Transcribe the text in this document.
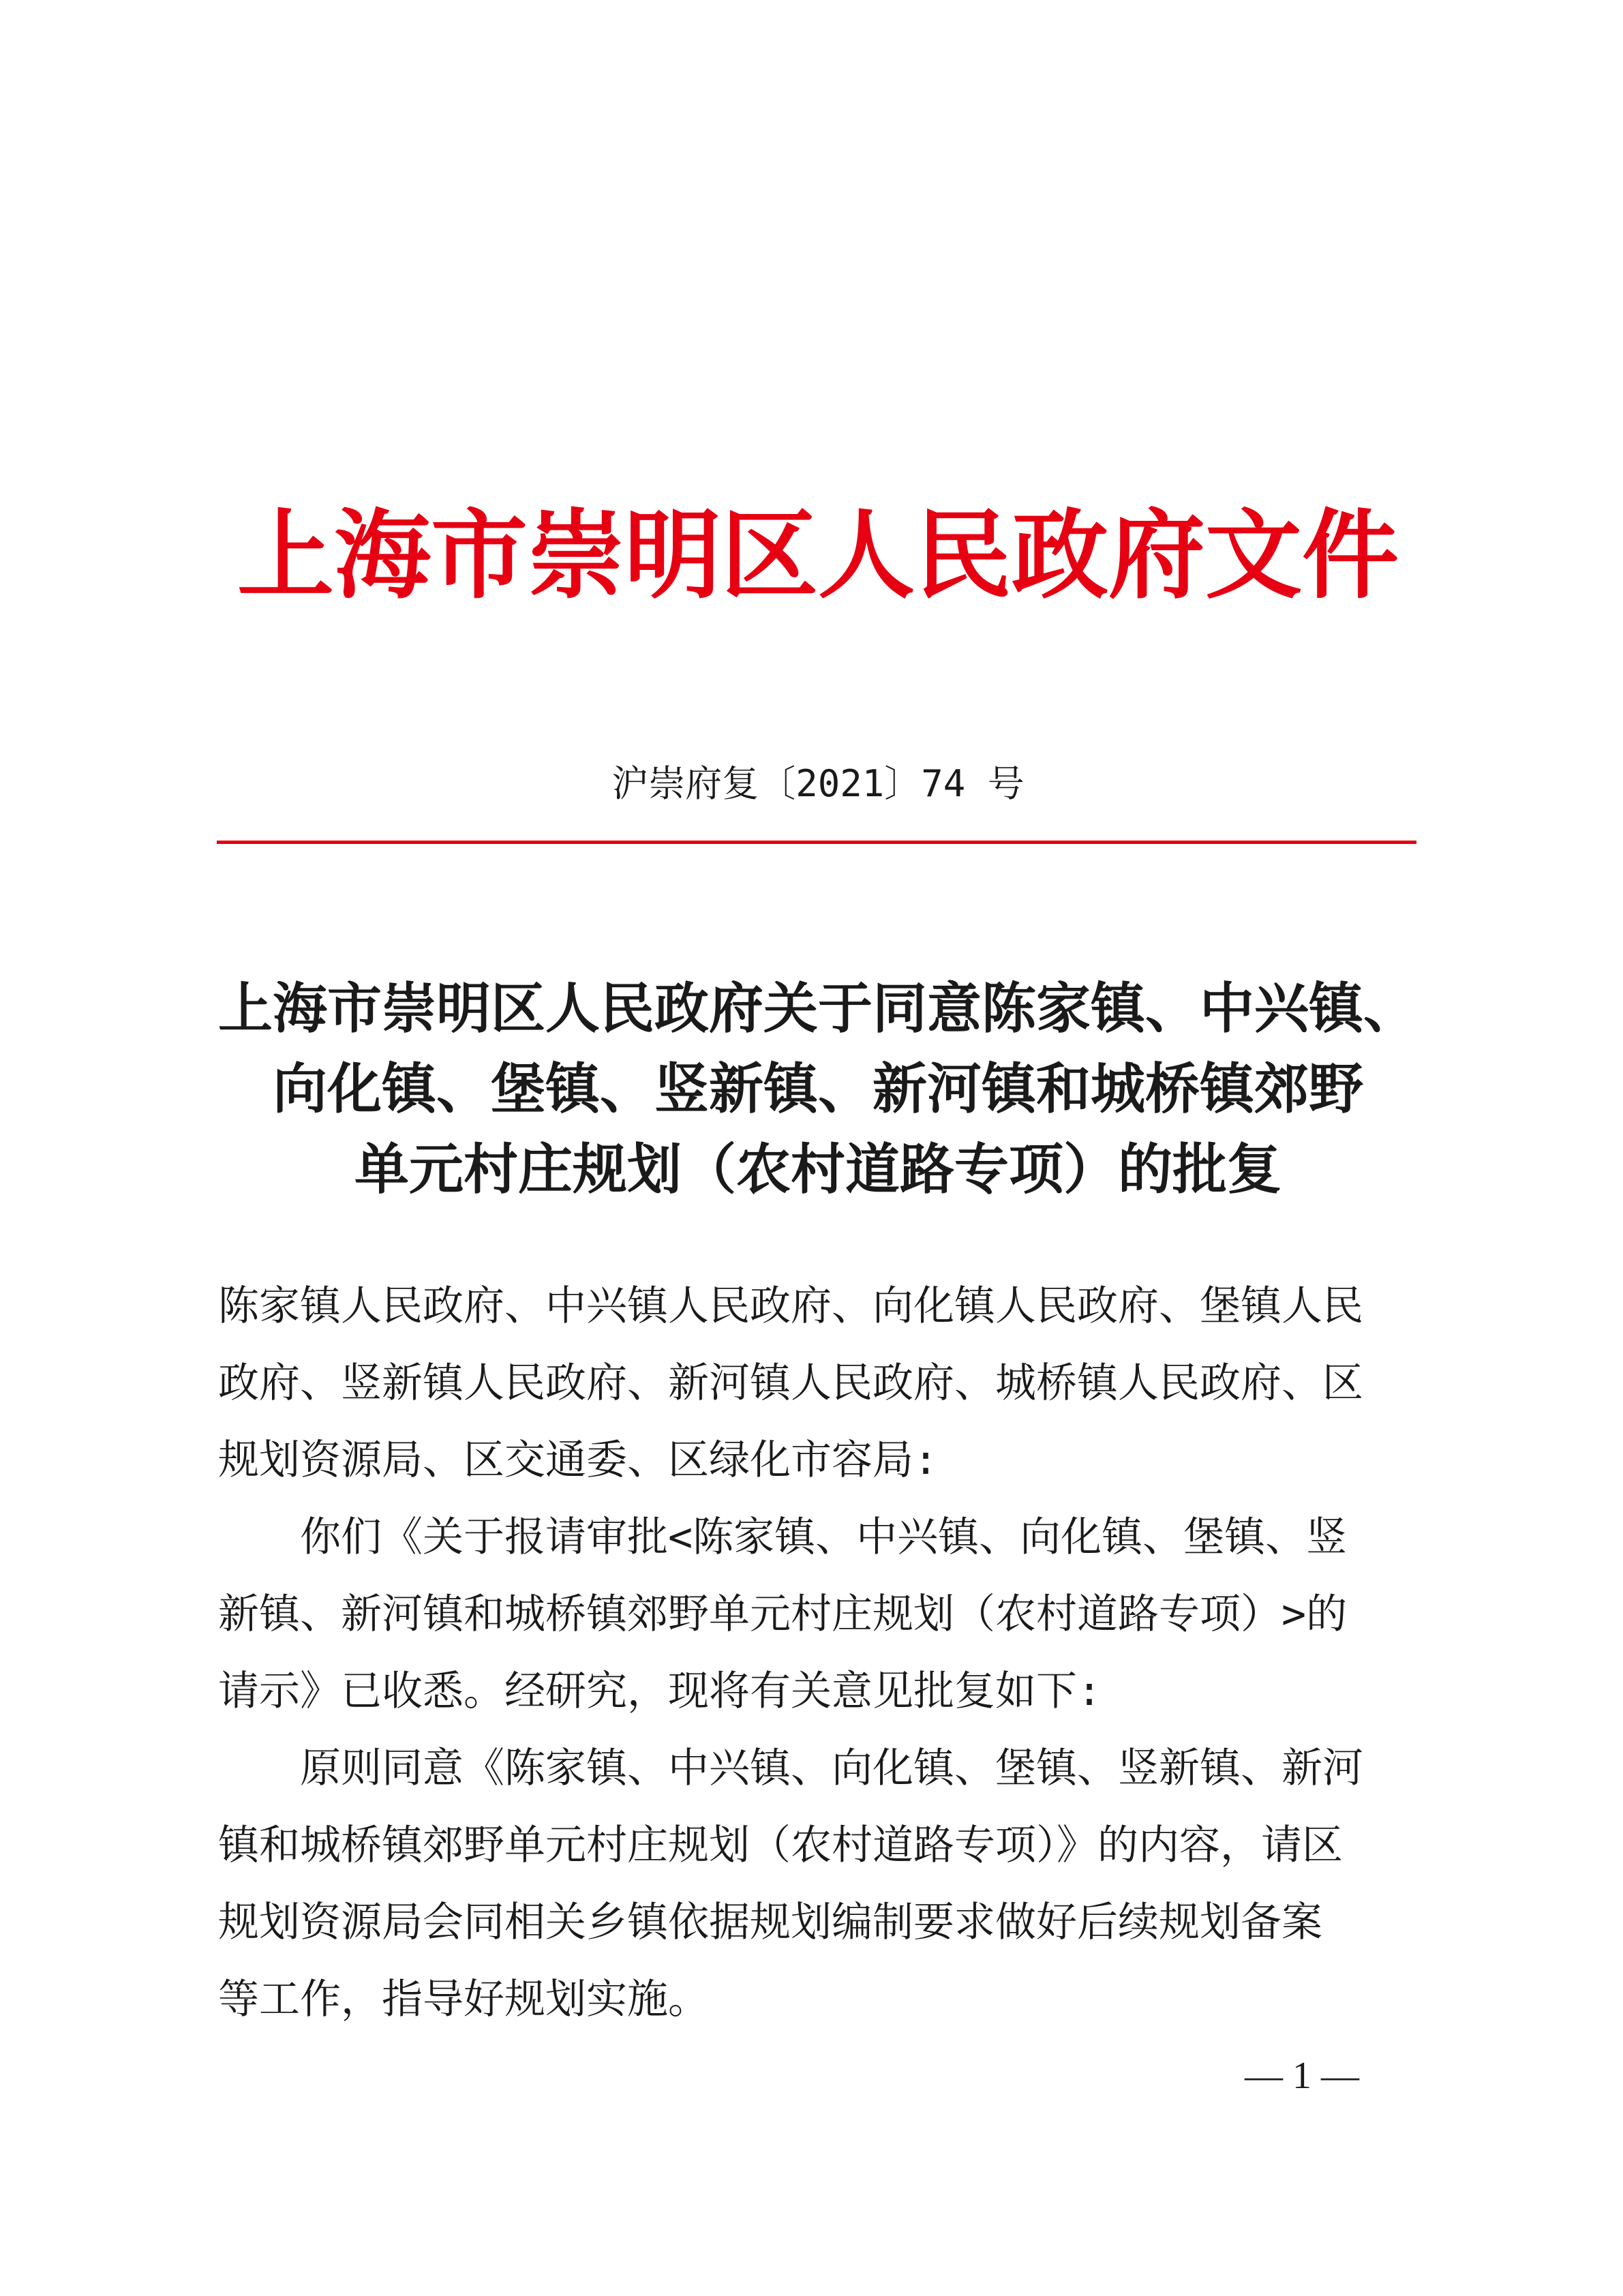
上海市崇明区人民政府文件
沪崇府复〔2021〕74 号
上海市崇明区人民政府关于同意陈家镇、中兴镇、
向化镇、堡镇、竖新镇、新河镇和城桥镇郊野
单元村庄规划（农村道路专项）的批复
陈家镇人民政府、中兴镇人民政府、向化镇人民政府、堡镇人民
政府、竖新镇人民政府、新河镇人民政府、城桥镇人民政府、区
规划资源局、区交通委、区绿化市容局:
你们《关于报请审批<陈家镇、中兴镇、向化镇、堡镇、竖
新镇、新河镇和城桥镇郊野单元村庄规划（农村道路专项）>的
请示》已收悉。经研究，现将有关意见批复如下:
原则同意《陈家镇、中兴镇、向化镇、堡镇、竖新镇、新河
镇和城桥镇郊野单元村庄规划（农村道路专项）》的内容，请区
规划资源局会同相关乡镇依据规划编制要求做好后续规划备案
等工作，指导好规划实施。
— 1 —
